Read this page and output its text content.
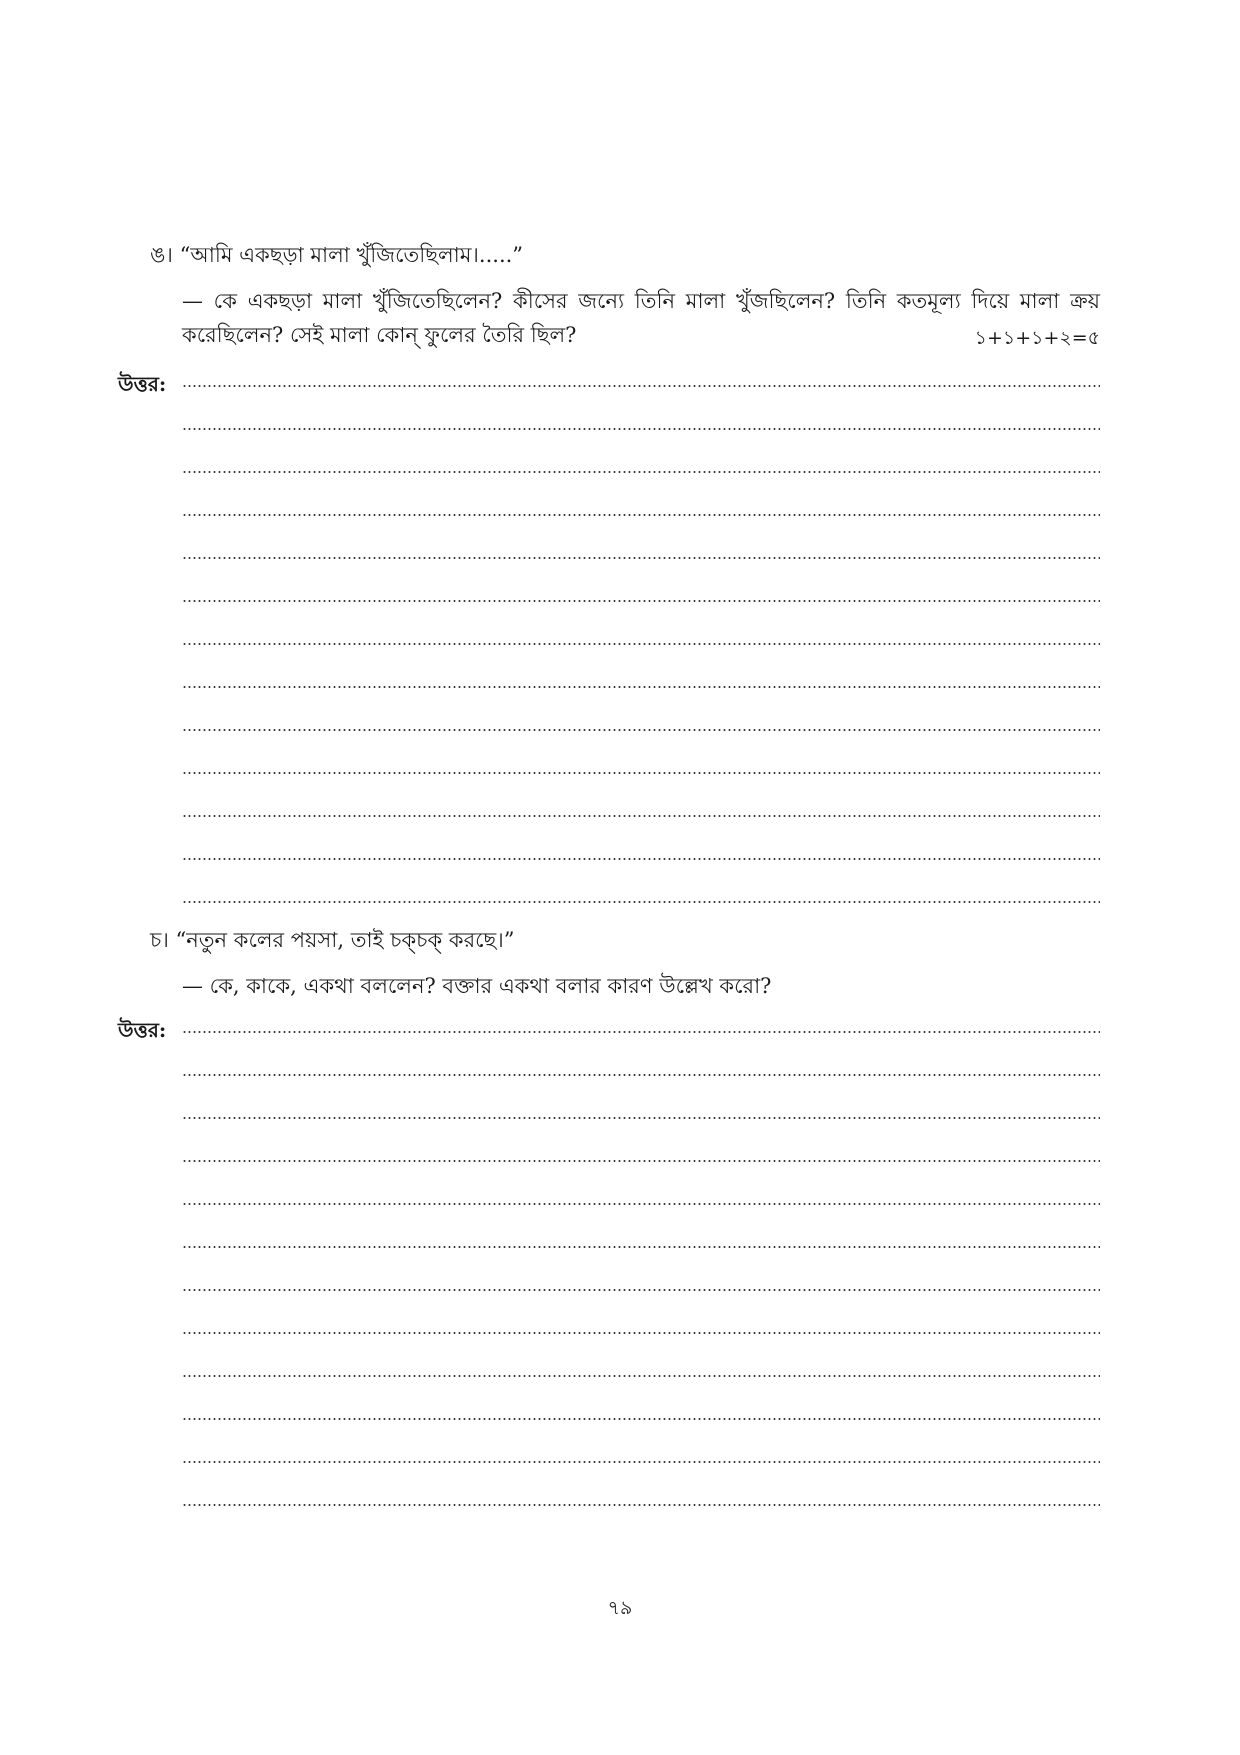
ঙ। “আমি একছড়া মালা খুঁজিতেছিলাম।.....”
— কে একছড়া মালা খুঁজিতেছিলেন? কীসের জন্যে তিনি মালা খুঁজছিলেন? তিনি কতমূল্য দিয়ে মালা ক্রয় করেছিলেন? সেই মালা কোন্ ফুলের তৈরি ছিল?	১+১+১+২=৫
উত্তর:
চ। “নতুন কলের পয়সা, তাই চক্‌চক্ করছে।”
— কে, কাকে, একথা বললেন? বক্তার একথা বলার কারণ উল্লেখ করো?
উত্তর:
৭৯
